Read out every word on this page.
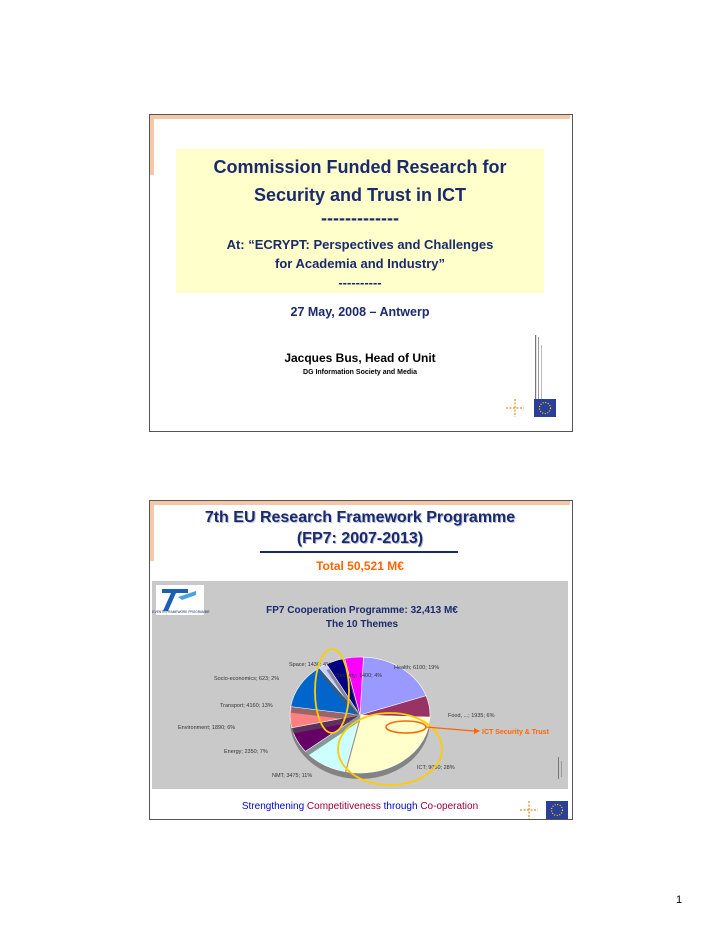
Commission Funded Research for
Security and Trust in ICT
-------------
At: “ECRYPT: Perspectives and Challenges
for Academia and Industry”
----------
27 May, 2008 – Antwerp
Jacques Bus, Head of Unit
DG Information Society and Media
7th EU Research Framework Programme
(FP7: 2007-2013)
Total 50,521 M€
SEVENTH FRAMEWORK PROGRAMME	FP7 Cooperation Programme: 32,413 M€
The 10 Themes
Health; 6100; 19%
Food, ...; 1935; 6%
ICT; 9050; 28%
NMT; 3475; 11%
Energy; 2350; 7%
Environment; 1890; 6%
Transport; 4160; 13%
Socio-economics; 623; 2%
Space; 1430; 4%
Security; 1400; 4%
ICT Security & Trust
Strengthening Competitiveness through Co-operation
1
